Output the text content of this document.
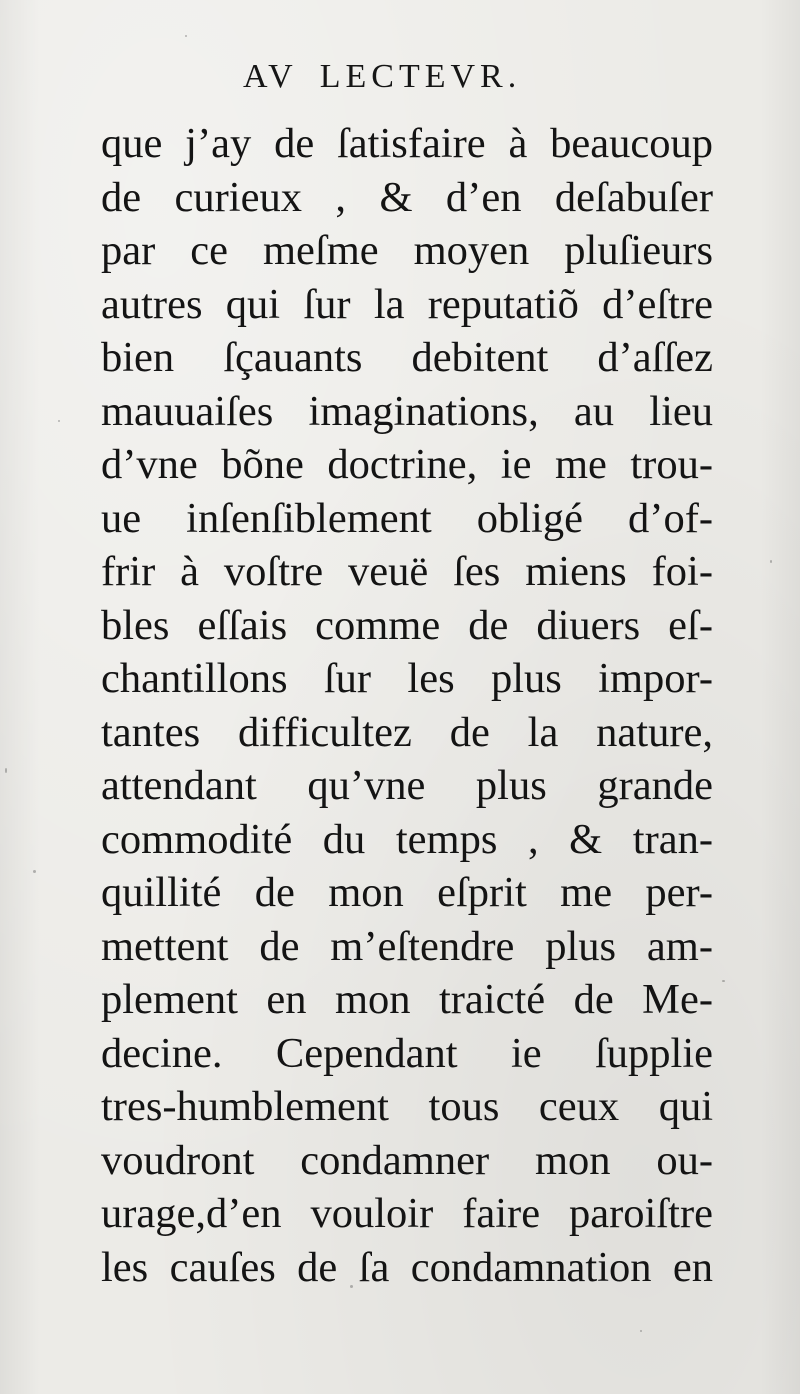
AV LECTEVR.
que j’ay de ſatisfaire à beaucoup
de curieux , & d’en deſabuſer
par ce meſme moyen pluſieurs
autres qui ſur la reputatiõ d’eſtre
bien ſçauants debitent d’aſſez
mauuaiſes imaginations, au lieu
d’vne bõne doctrine, ie me trou-
ue inſenſiblement obligé d’of-
frir à voſtre veuë ſes miens foi-
bles eſſais comme de diuers eſ-
chantillons ſur les plus impor-
tantes difficultez de la nature,
attendant qu’vne plus grande
commodité du temps , & tran-
quillité de mon eſprit me per-
mettent de m’eſtendre plus am-
plement en mon traicté de Me-
decine. Cependant ie ſupplie
tres-humblement tous ceux qui
voudront condamner mon ou-
urage,d’en vouloir faire paroiſtre
les cauſes de ſa condamnation en
